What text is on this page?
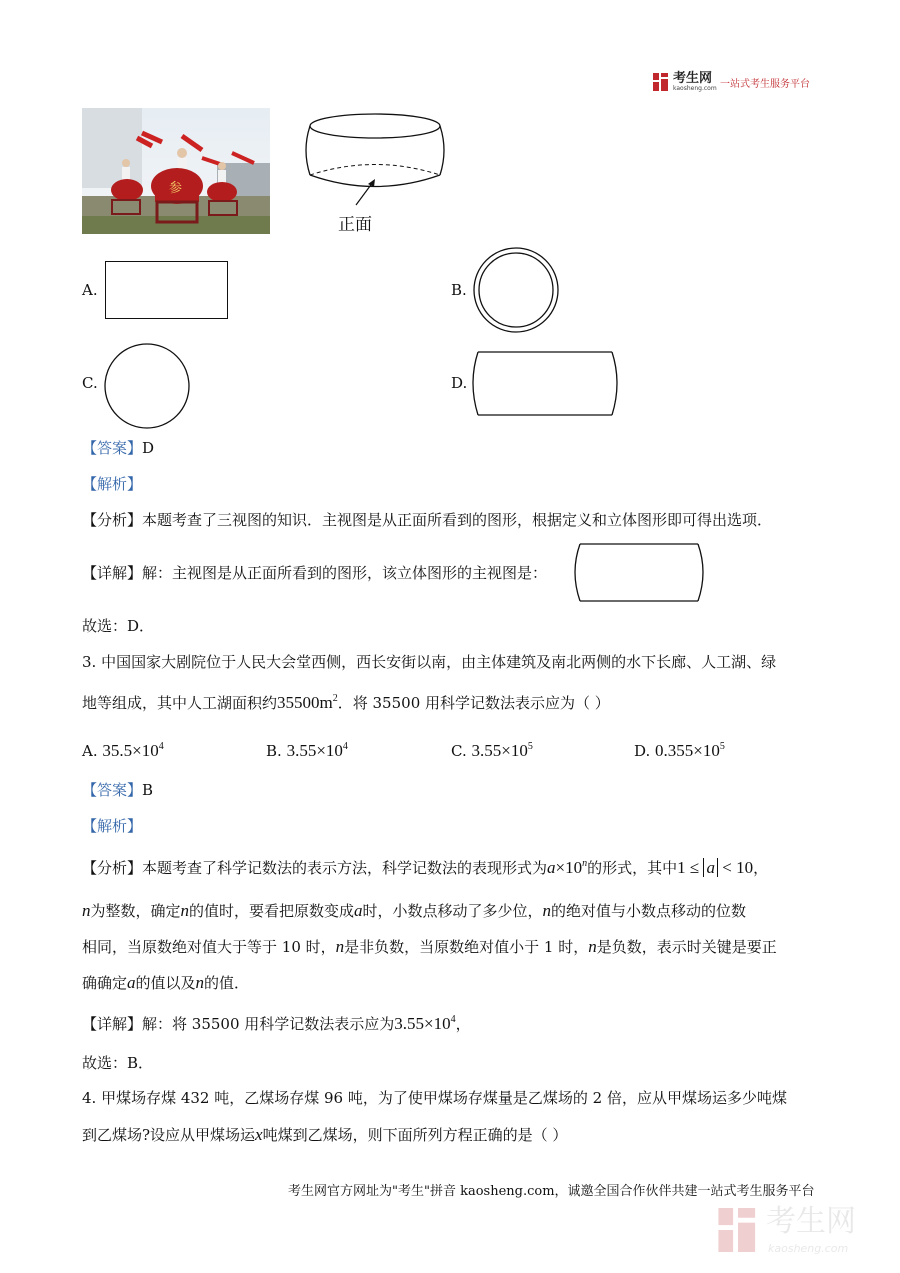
考生网
kaosheng.com 一站式考生服务平台
参
正面
A.	B.
C.	D.
【答案】D
【解析】
【分析】本题考查了三视图的知识．主视图是从正面所看到的图形，根据定义和立体图形即可得出选项．
【详解】解：主视图是从正面所看到的图形，该立体图形的主视图是：
故选：D．
3. 中国国家大剧院位于人民大会堂西侧，西长安街以南，由主体建筑及南北两侧的水下长廊、人工湖、绿
地等组成，其中人工湖面积约$35500m^2$．将 35500 用科学记数法表示应为（ ）
A. $35.5\times 10^4$	B. $3.55\times 10^4$	C. $3.55\times 10^5$	D. $0.355\times 10^5$
【答案】B
【解析】
【分析】本题考查了科学记数法的表示方法，科学记数法的表现形式为$a\times 10^n$的形式，其中1 ≤ a < 10，
n为整数，确定n的值时，要看把原数变成a时，小数点移动了多少位，n的绝对值与小数点移动的位数
相同，当原数绝对值大于等于 10 时，n是非负数，当原数绝对值小于 1 时，n是负数，表示时关键是要正
确确定a的值以及n的值．
【详解】解：将 35500 用科学记数法表示应为$3.55\times 10^4$，
故选：B．
4. 甲煤场存煤 432 吨，乙煤场存煤 96 吨，为了使甲煤场存煤量是乙煤场的 2 倍，应从甲煤场运多少吨煤
到乙煤场?设应从甲煤场运x吨煤到乙煤场，则下面所列方程正确的是（ ）
考生网官方网址为"考生"拼音 kaosheng.com，诚邀全国合作伙伴共建一站式考生服务平台
考生网
kaosheng.com
